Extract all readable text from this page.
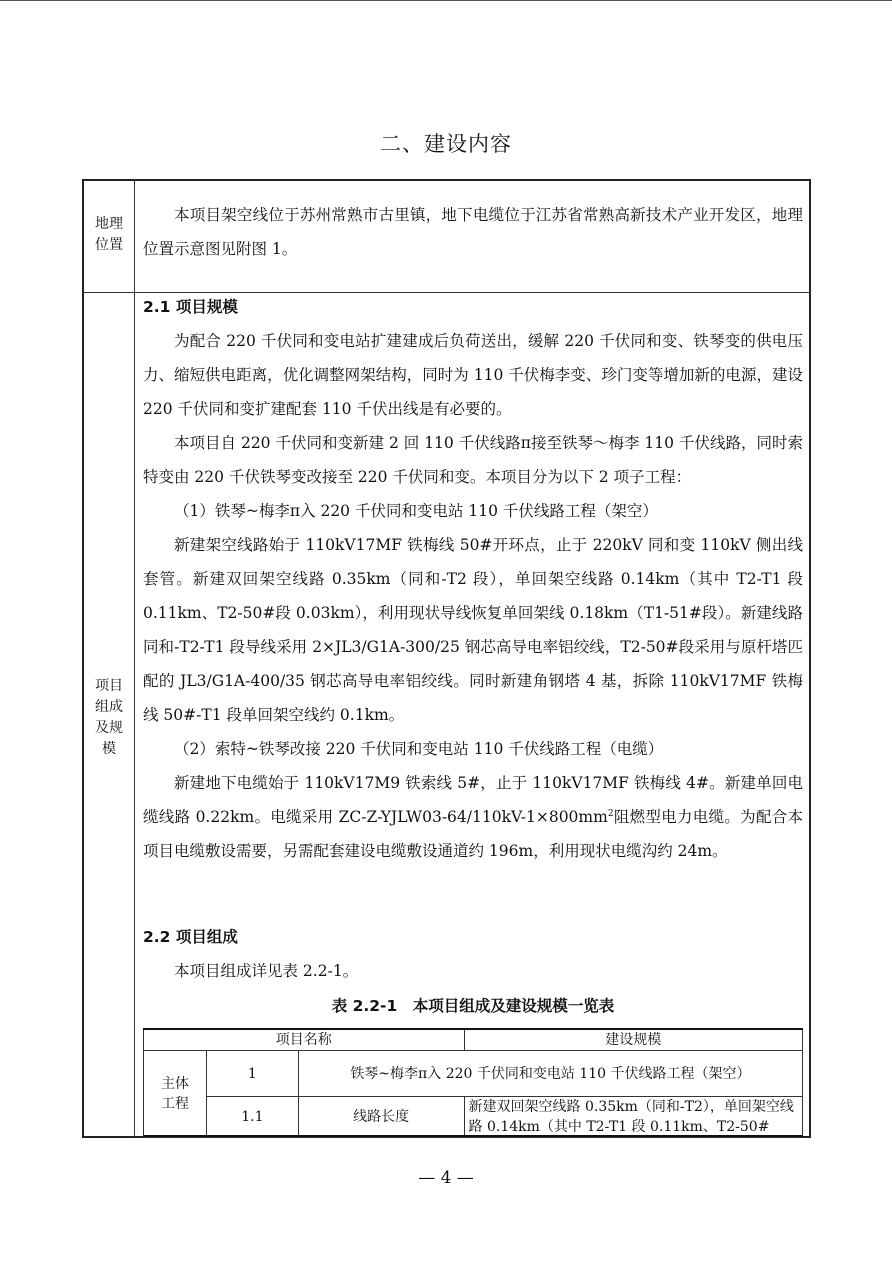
二、建设内容
地理
位置

本项目架空线位于苏州常熟市古里镇，地下电缆位于江苏省常熟高新技术产业开发区，地理位置示意图见附图 1。

项目
组成
及规
模

2.1 项目规模

为配合 220 千伏同和变电站扩建建成后负荷送出，缓解 220 千伏同和变、铁琴变的供电压力、缩短供电距离，优化调整网架结构，同时为 110 千伏梅李变、珍门变等增加新的电源，建设 220 千伏同和变扩建配套 110 千伏出线是有必要的。

本项目自 220 千伏同和变新建 2 回 110 千伏线路π接至铁琴～梅李 110 千伏线路，同时索特变由 220 千伏铁琴变改接至 220 千伏同和变。本项目分为以下 2 项子工程：

（1）铁琴~梅李π入 220 千伏同和变电站 110 千伏线路工程（架空）

新建架空线路始于 110kV17MF 铁梅线 50#开环点，止于 220kV 同和变 110kV 侧出线套管。新建双回架空线路 0.35km（同和-T2 段），单回架空线路 0.14km（其中 T2-T1 段 0.11km、T2-50#段 0.03km），利用现状导线恢复单回架线 0.18km（T1-51#段）。新建线路同和-T2-T1 段导线采用 2×JL3/G1A-300/25 钢芯高导电率铝绞线，T2-50#段采用与原杆塔匹配的 JL3/G1A-400/35 钢芯高导电率铝绞线。同时新建角钢塔 4 基，拆除 110kV17MF 铁梅线 50#-T1 段单回架空线约 0.1km。

（2）索特~铁琴改接 220 千伏同和变电站 110 千伏线路工程（电缆）

新建地下电缆始于 110kV17M9 铁索线 5#，止于 110kV17MF 铁梅线 4#。新建单回电缆线路 0.22km。电缆采用 $ZC-Z-YJLW03-64/110kV-1\times 800mm^2$阻燃型电力电缆。为配合本项目电缆敷设需要，另需配套建设电缆敷设通道约 196m，利用现状电缆沟约 24m。

2.2 项目组成

本项目组成详见表 2.2-1。

表 2.2-1　本项目组成及建设规模一览表
项目名称			建设规模
主体工程	1	铁琴~梅李π入 220 千伏同和变电站 110 千伏线路工程（架空）	
	1.1	线路长度	新建双回架空线路 0.35km（同和-T2），单回架空线路 0.14km（其中 T2-T1 段 0.11km、T2-50#
— 4 —
